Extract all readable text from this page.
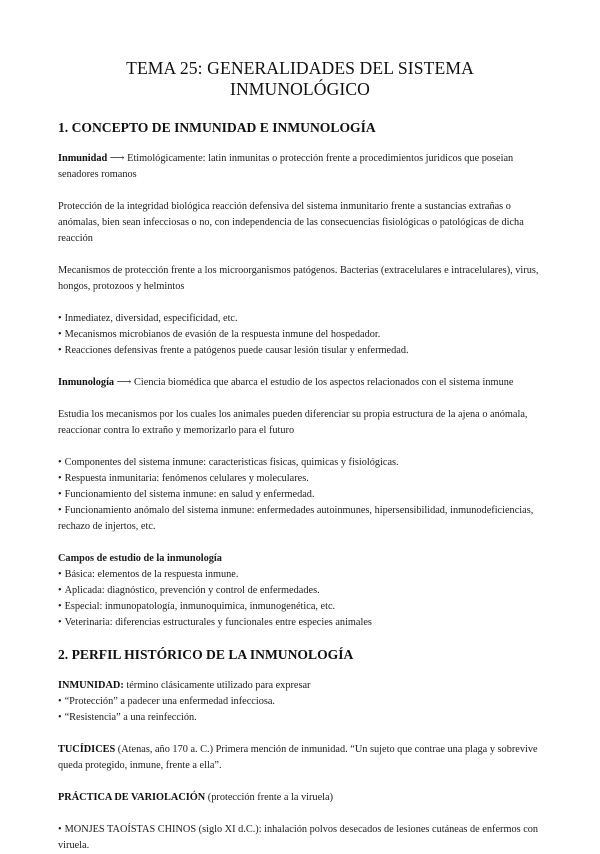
TEMA 25: GENERALIDADES DEL SISTEMA INMUNOLÓGICO
1. CONCEPTO DE INMUNIDAD E INMUNOLOGÍA

Inmunidad ⟶ Etimológicamente: latin inmunitas o protección frente a procedimientos juridicos que poseian senadores romanos

Protección de la integridad biológica reacción defensiva del sistema inmunitario frente a sustancias extrañas o anómalas, bien sean infecciosas o no, con independencia de las consecuencias fisiológicas o patológicas de dicha reacción

Mecanismos de protección frente a los microorganismos patógenos. Bacterias (extracelulares e intracelulares), virus, hongos, protozoos y helmintos

• Inmediatez, diversidad, especificidad, etc.
• Mecanismos microbianos de evasión de la respuesta inmune del hospedador.
• Reacciones defensivas frente a patógenos puede causar lesión tisular y enfermedad.

Inmunología ⟶ Ciencia biomédica que abarca el estudio de los aspectos relacionados con el sistema inmune

Estudia los mecanismos por los cuales los animales pueden diferenciar su propia estructura de la ajena o anómala, reaccionar contra lo extraño y memorizarlo para el futuro

• Componentes del sistema inmune: caracteristicas fisicas, quimicas y fisiológicas.
• Respuesta inmunitaria: fenómenos celulares y moleculares.
• Funcionamiento del sistema inmune: en salud y enfermedad.
• Funcionamiento anómalo del sistema inmune: enfermedades autoinmunes, hipersensibilidad, inmunodeficiencias, rechazo de injertos, etc.

Campos de estudio de la inmunología

• Básica: elementos de la respuesta inmune.
• Aplicada: diagnóstico, prevención y control de enfermedades.
• Especial: inmunopatología, inmunoquimica, inmunogenética, etc.
• Veterinaria: diferencias estructurales y funcionales entre especies animales
2. PERFIL HISTÓRICO DE LA INMUNOLOGÍA

INMUNIDAD: término clásicamente utilizado para expresar

• “Protección” a padecer una enfermedad infecciosa.
• “Resistencia” a una reinfección.

TUCÍDICES (Atenas, año 170 a. C.) Primera mención de inmunidad. “Un sujeto que contrae una plaga y sobrevive queda protegido, inmune, frente a ella”.

PRÁCTICA DE VARIOLACIÓN (protección frente a la viruela)

• MONJES TAOÍSTAS CHINOS (siglo XI d.C.): inhalación polvos desecados de lesiones cutáneas de enfermos con viruela.
